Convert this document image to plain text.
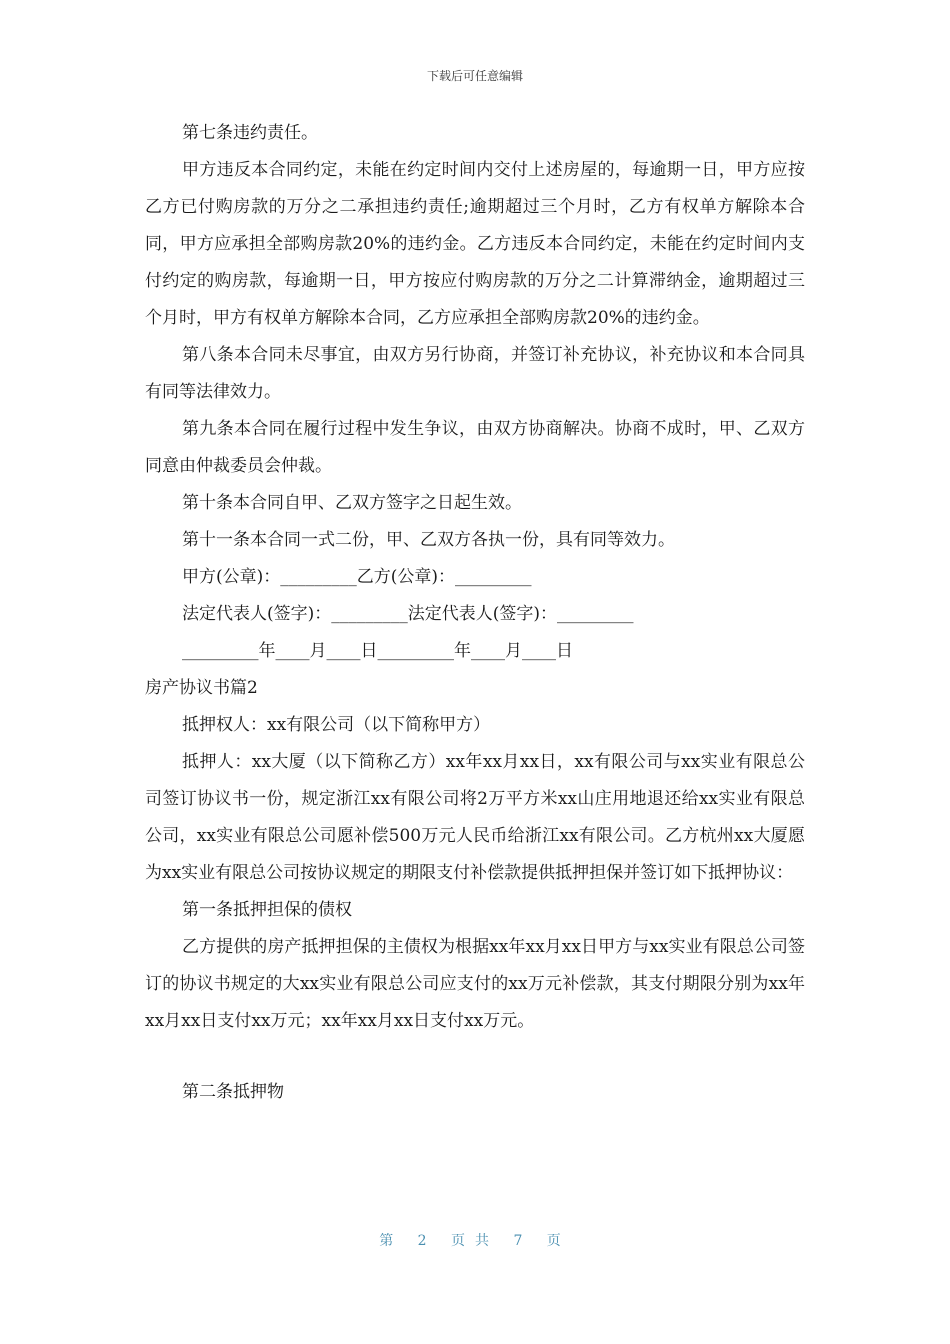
下载后可任意编辑

第七条违约责任。

甲方违反本合同约定，未能在约定时间内交付上述房屋的，每逾期一日，甲方应按乙方已付购房款的万分之二承担违约责任;逾期超过三个月时，乙方有权单方解除本合同，甲方应承担全部购房款20%的违约金。乙方违反本合同约定，未能在约定时间内支付约定的购房款，每逾期一日，甲方按应付购房款的万分之二计算滞纳金，逾期超过三个月时，甲方有权单方解除本合同，乙方应承担全部购房款20%的违约金。

第八条本合同未尽事宜，由双方另行协商，并签订补充协议，补充协议和本合同具有同等法律效力。

第九条本合同在履行过程中发生争议，由双方协商解决。协商不成时，甲、乙双方同意由仲裁委员会仲裁。

第十条本合同自甲、乙双方签字之日起生效。

第十一条本合同一式二份，甲、乙双方各执一份，具有同等效力。

甲方(公章)：_________乙方(公章)：_________

法定代表人(签字)：_________法定代表人(签字)：_________

_________年____月____日_________年____月____日

房产协议书篇2

抵押权人：xx有限公司（以下简称甲方）

抵押人：xx大厦（以下简称乙方）xx年xx月xx日，xx有限公司与xx实业有限总公司签订协议书一份，规定浙江xx有限公司将2万平方米xx山庄用地退还给xx实业有限总公司，xx实业有限总公司愿补偿500万元人民币给浙江xx有限公司。乙方杭州xx大厦愿为xx实业有限总公司按协议规定的期限支付补偿款提供抵押担保并签订如下抵押协议：

第一条抵押担保的债权

乙方提供的房产抵押担保的主债权为根据xx年xx月xx日甲方与xx实业有限总公司签订的协议书规定的大xx实业有限总公司应支付的xx万元补偿款，其支付期限分别为xx年xx月xx日支付xx万元；xx年xx月xx日支付xx万元。

第二条抵押物

第 2 页共 7 页
